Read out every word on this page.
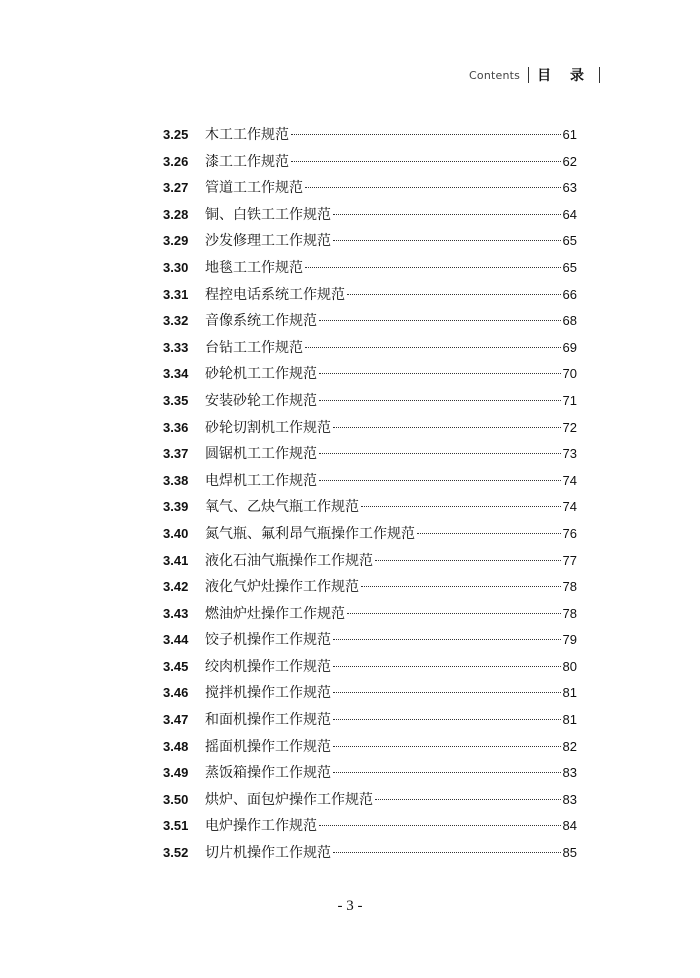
Contents 目 录
3.25	木工工作规范	61
3.26	漆工工作规范	62
3.27	管道工工作规范	63
3.28	铜、白铁工工作规范	64
3.29	沙发修理工工作规范	65
3.30	地毯工工作规范	65
3.31	程控电话系统工作规范	66
3.32	音像系统工作规范	68
3.33	台钻工工作规范	69
3.34	砂轮机工工作规范	70
3.35	安装砂轮工作规范	71
3.36	砂轮切割机工作规范	72
3.37	圆锯机工工作规范	73
3.38	电焊机工工作规范	74
3.39	氧气、乙炔气瓶工作规范	74
3.40	氮气瓶、氟利昂气瓶操作工作规范	76
3.41	液化石油气瓶操作工作规范	77
3.42	液化气炉灶操作工作规范	78
3.43	燃油炉灶操作工作规范	78
3.44	饺子机操作工作规范	79
3.45	绞肉机操作工作规范	80
3.46	搅拌机操作工作规范	81
3.47	和面机操作工作规范	81
3.48	摇面机操作工作规范	82
3.49	蒸饭箱操作工作规范	83
3.50	烘炉、面包炉操作工作规范	83
3.51	电炉操作工作规范	84
3.52	切片机操作工作规范	85
- 3 -
